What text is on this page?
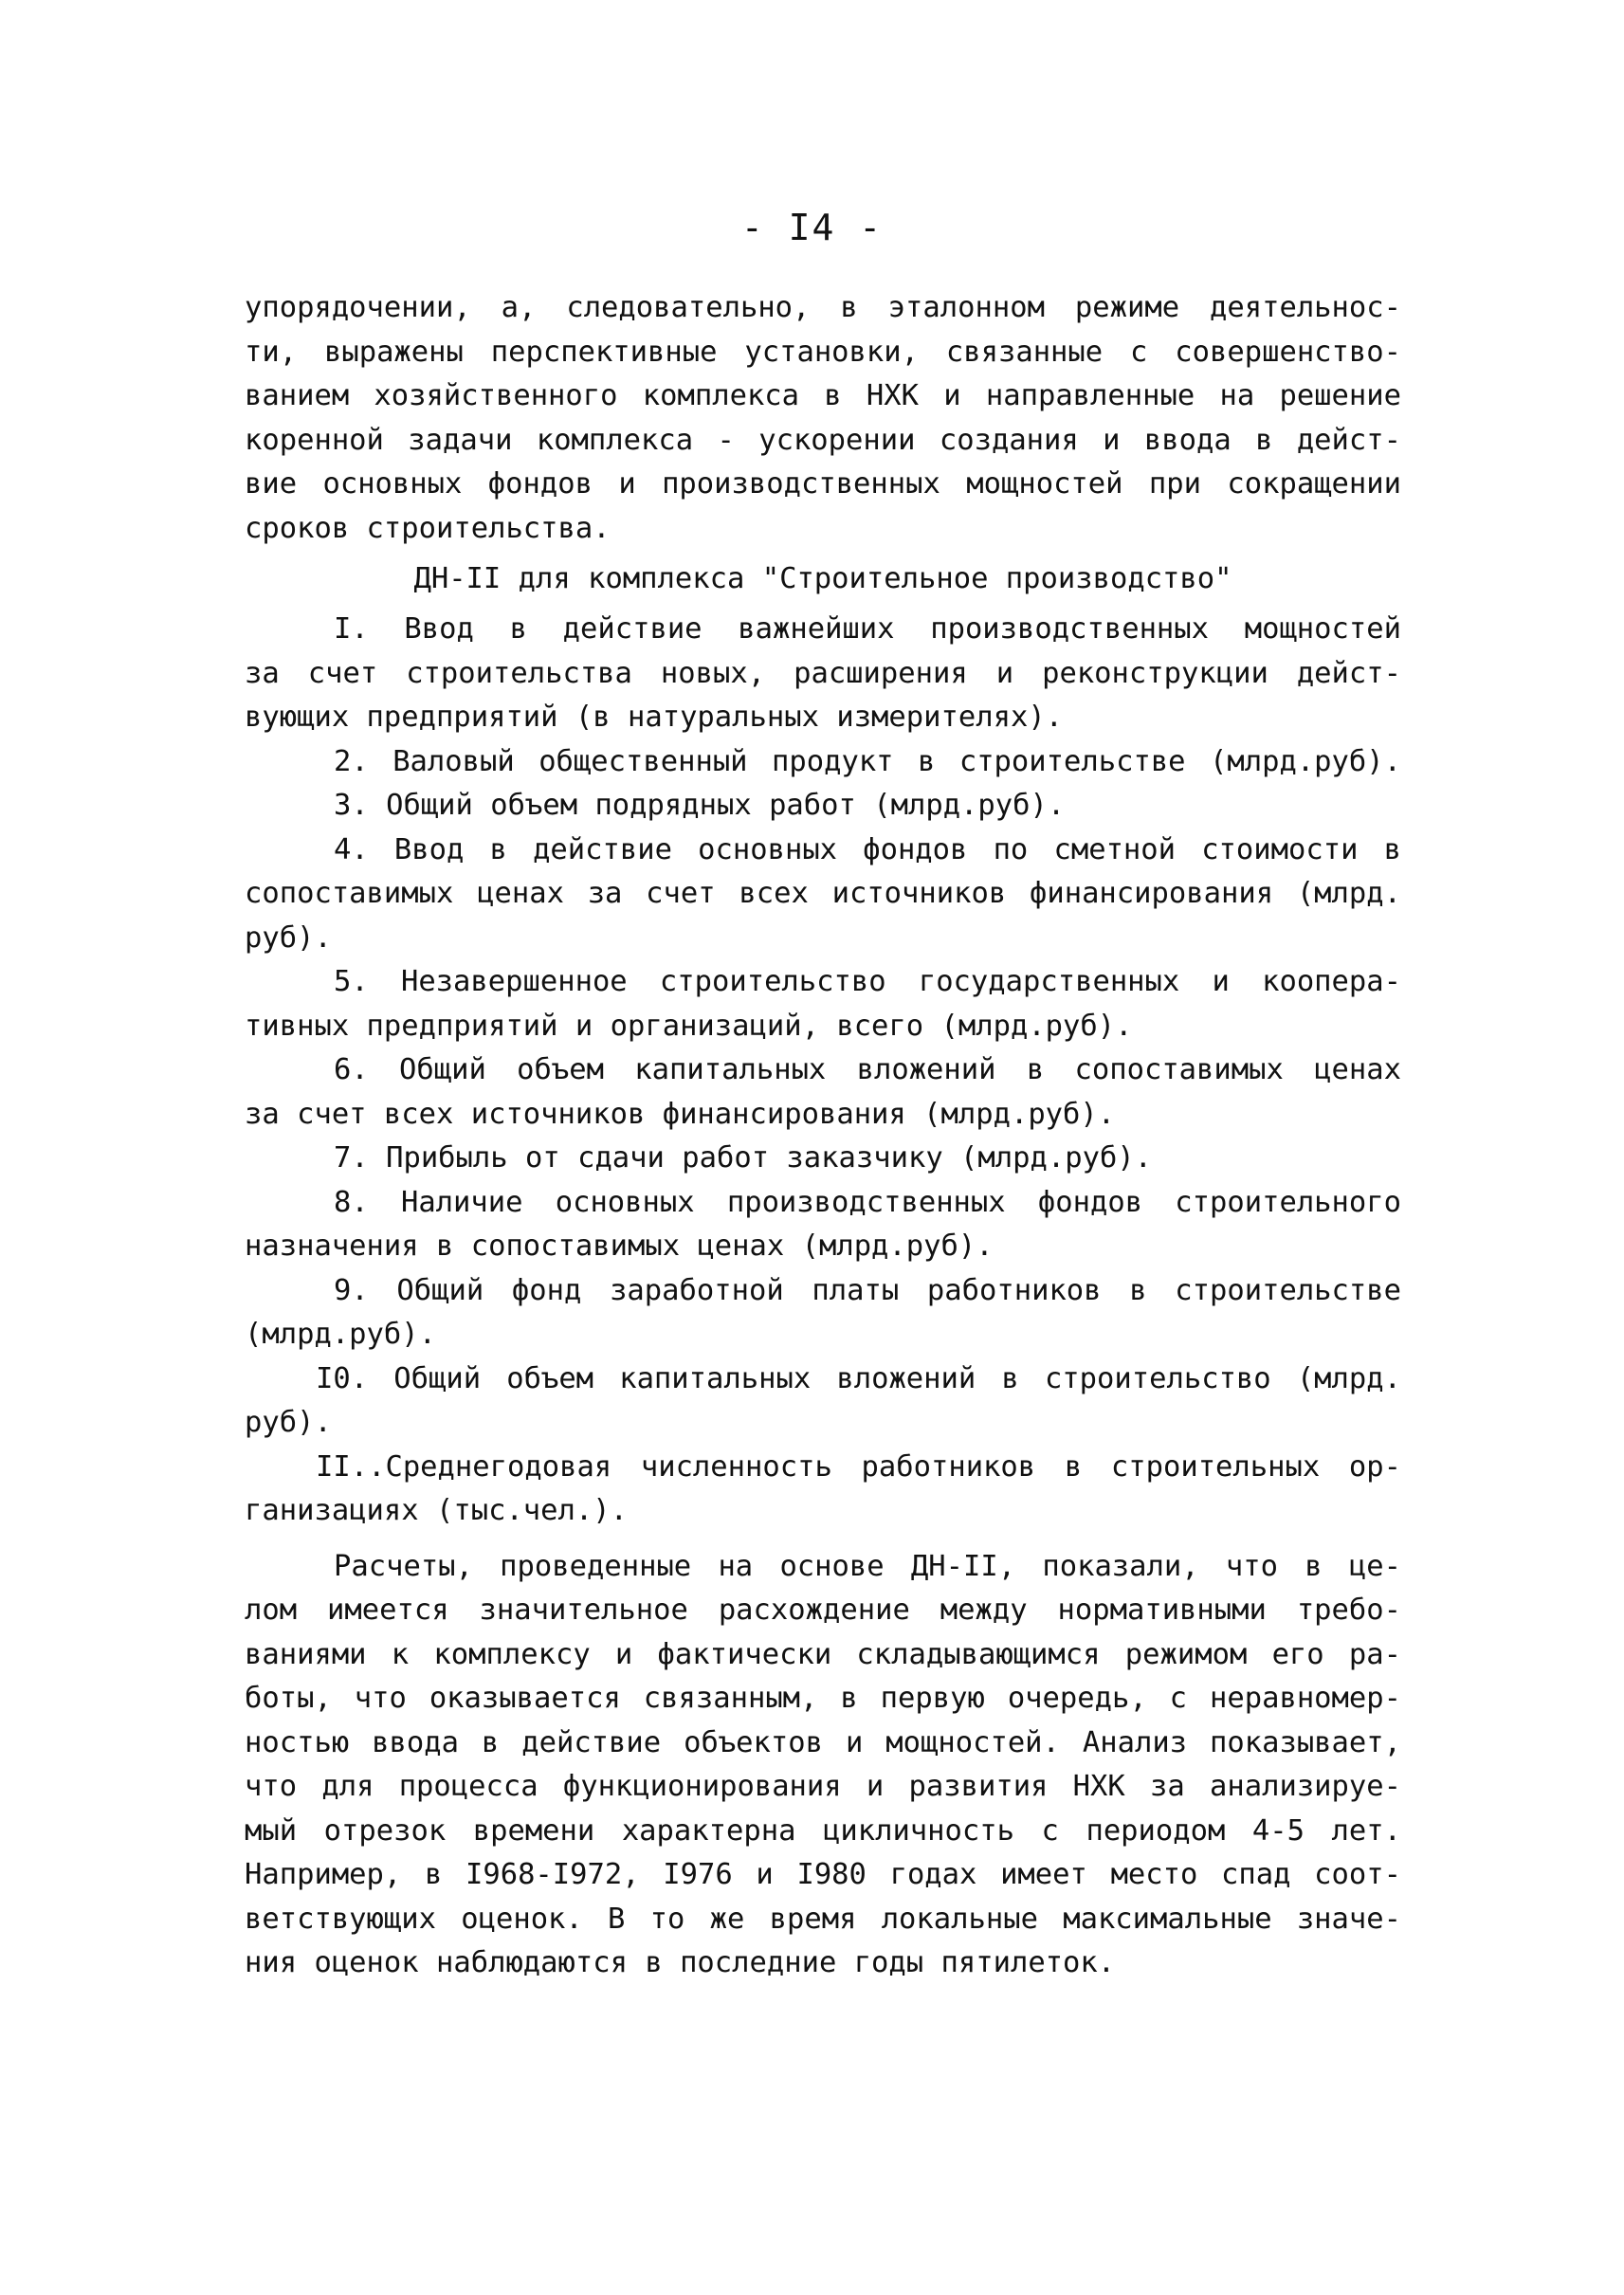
- I4 -
упорядочении, а, следовательно, в эталонном режиме деятельнос-
ти, выражены перспективные установки, связанные с совершенство-
ванием хозяйственного комплекса в НХК и направленные на решение
коренной задачи комплекса - ускорении создания и ввода в дейст-
вие основных фондов и производственных мощностей при сокращении
сроков строительства.
ДН-II для комплекса "Строительное производство"
I. Ввод в действие важнейших производственных мощностей
за счет строительства новых, расширения и реконструкции дейст-
вующих предприятий (в натуральных измерителях).
2. Валовый общественный продукт в строительстве (млрд.руб).
3. Общий объем подрядных работ (млрд.руб).
4. Ввод в действие основных фондов по сметной стоимости в
сопоставимых ценах за счет всех источников финансирования (млрд.
руб).
5. Незавершенное строительство государственных и коопера-
тивных предприятий и организаций, всего (млрд.руб).
6. Общий объем капитальных вложений в сопоставимых ценах
за счет всех источников финансирования (млрд.руб).
7. Прибыль от сдачи работ заказчику (млрд.руб).
8. Наличие основных производственных фондов строительного
назначения в сопоставимых ценах (млрд.руб).
9. Общий фонд заработной платы работников в строительстве
(млрд.руб).
I0. Общий объем капитальных вложений в строительство (млрд.
руб).
II..Среднегодовая численность работников в строительных ор-
ганизациях (тыс.чел.).
Расчеты, проведенные на основе ДН-II, показали, что в це-
лом имеется значительное расхождение между нормативными требо-
ваниями к комплексу и фактически складывающимся режимом его ра-
боты, что оказывается связанным, в первую очередь, с неравномер-
ностью ввода в действие объектов и мощностей. Анализ показывает,
что для процесса функционирования и развития НХК за анализируе-
мый отрезок времени характерна цикличность с периодом 4-5 лет.
Например, в I968-I972, I976 и I980 годах имеет место спад соот-
ветствующих оценок. В то же время локальные максимальные значе-
ния оценок наблюдаются в последние годы пятилеток.
